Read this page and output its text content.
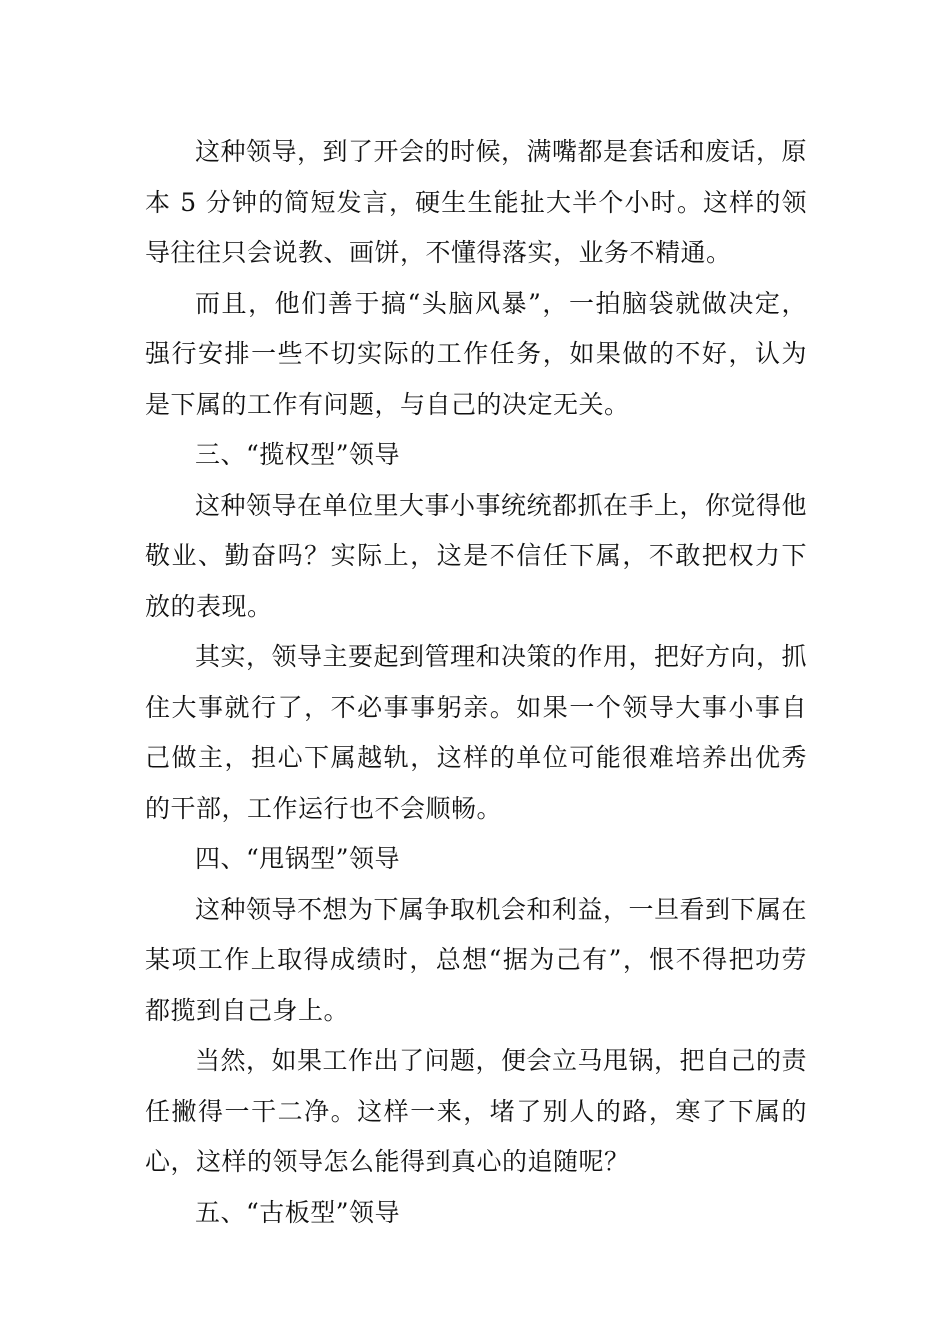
这种领导，到了开会的时候，满嘴都是套话和废话，原本 5 分钟的简短发言，硬生生能扯大半个小时。这样的领导往往只会说教、画饼，不懂得落实，业务不精通。

而且，他们善于搞“头脑风暴”，一拍脑袋就做决定，强行安排一些不切实际的工作任务，如果做的不好，认为是下属的工作有问题，与自己的决定无关。

三、“揽权型”领导

这种领导在单位里大事小事统统都抓在手上，你觉得他敬业、勤奋吗？实际上，这是不信任下属，不敢把权力下放的表现。

其实，领导主要起到管理和决策的作用，把好方向，抓住大事就行了，不必事事躬亲。如果一个领导大事小事自己做主，担心下属越轨，这样的单位可能很难培养出优秀的干部，工作运行也不会顺畅。

四、“甩锅型”领导

这种领导不想为下属争取机会和利益，一旦看到下属在某项工作上取得成绩时，总想“据为己有”，恨不得把功劳都揽到自己身上。

当然，如果工作出了问题，便会立马甩锅，把自己的责任撇得一干二净。这样一来，堵了别人的路，寒了下属的心，这样的领导怎么能得到真心的追随呢？

五、“古板型”领导
